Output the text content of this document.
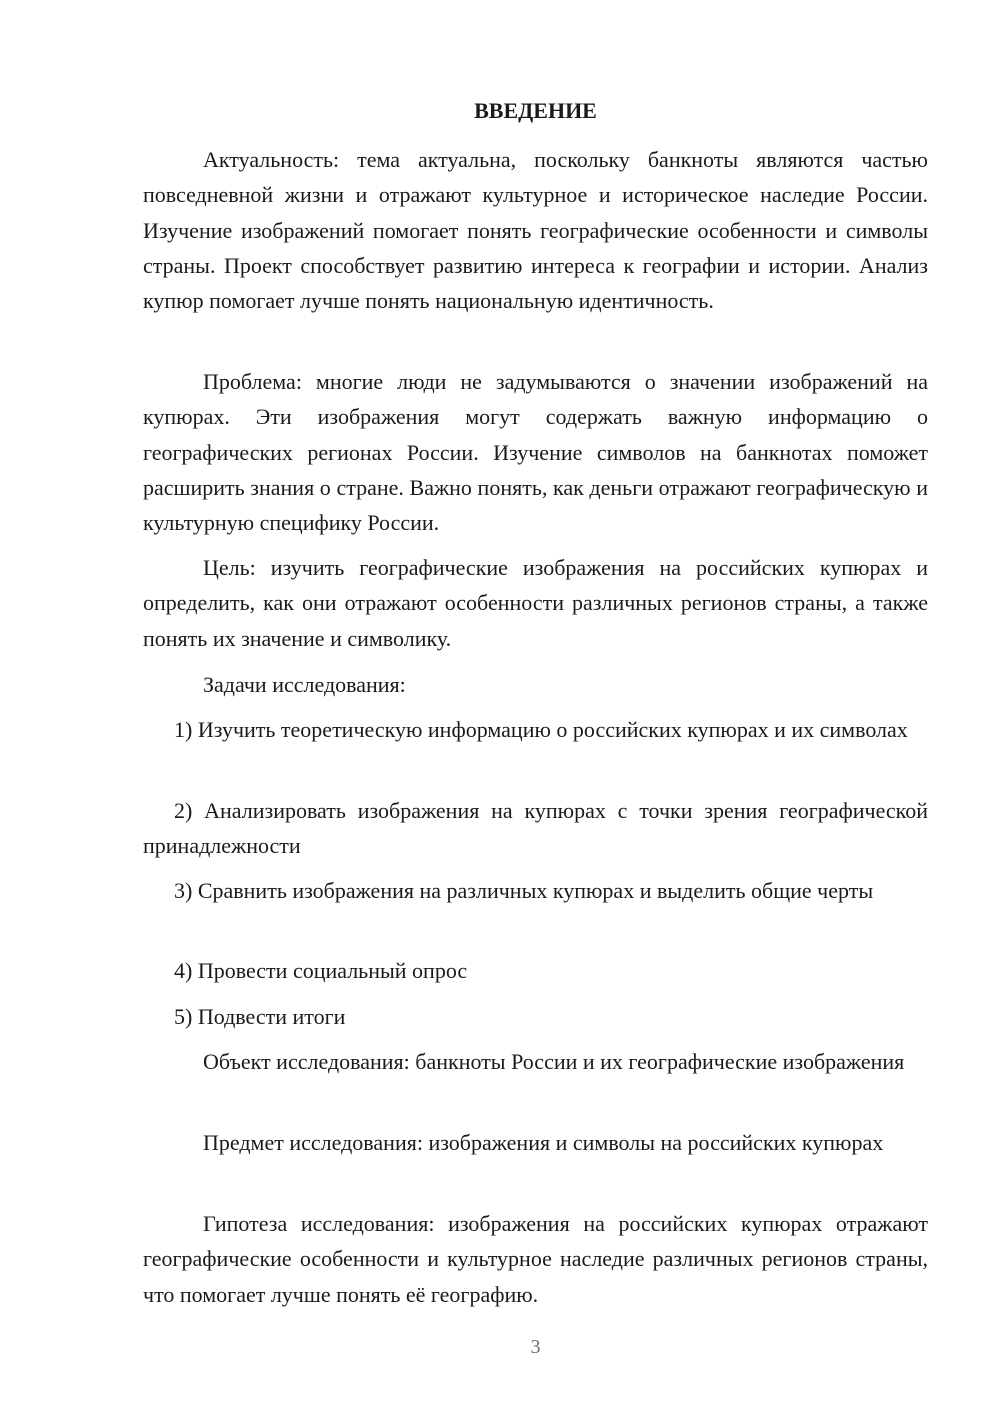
ВВЕДЕНИЕ

Актуальность: тема актуальна, поскольку банкноты являются частью повседневной жизни и отражают культурное и историческое наследие России. Изучение изображений помогает понять географические особенности и символы страны. Проект способствует развитию интереса к географии и истории. Анализ купюр помогает лучше понять национальную идентичность.

Проблема: многие люди не задумываются о значении изображений на купюрах. Эти изображения могут содержать важную информацию о географических регионах России. Изучение символов на банкнотах поможет расширить знания о стране. Важно понять, как деньги отражают географическую и культурную специфику России.

Цель: изучить географические изображения на российских купюрах и определить, как они отражают особенности различных регионов страны, а также понять их значение и символику.

Задачи исследования:

1) Изучить теоретическую информацию о российских купюрах и их символах

2) Анализировать изображения на купюрах с точки зрения географической принадлежности

3) Сравнить изображения на различных купюрах и выделить общие черты

4) Провести социальный опрос

5) Подвести итоги

Объект исследования: банкноты России и их географические изображения

Предмет исследования: изображения и символы на российских купюрах

Гипотеза исследования: изображения на российских купюрах отражают географические особенности и культурное наследие различных регионов страны, что помогает лучше понять её географию.

3
